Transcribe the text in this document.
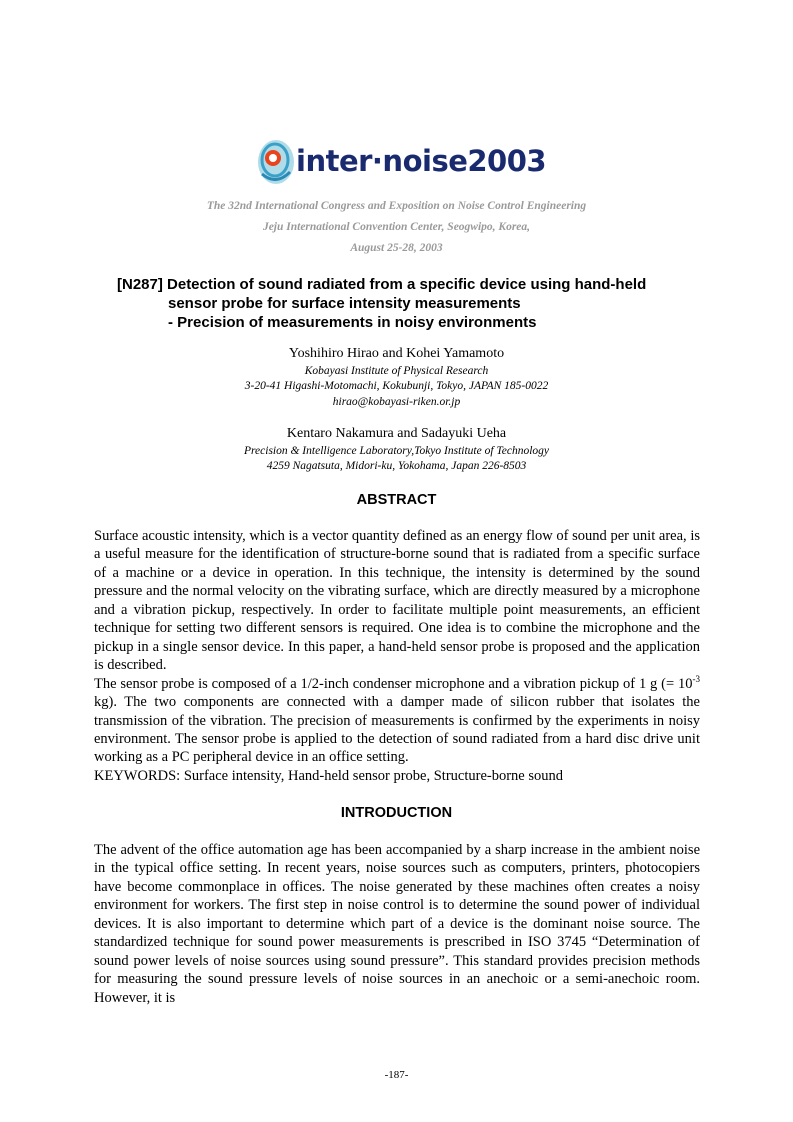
inter·noise2003
The 32nd International Congress and Exposition on Noise Control Engineering
Jeju International Convention Center, Seogwipo, Korea,
August 25-28, 2003
[N287] Detection of sound radiated from a specific device using hand-held
sensor probe for surface intensity measurements
- Precision of measurements in noisy environments
Yoshihiro Hirao and Kohei Yamamoto
Kobayasi Institute of Physical Research
3-20-41 Higashi-Motomachi, Kokubunji, Tokyo, JAPAN 185-0022
hirao@kobayasi-riken.or.jp
Kentaro Nakamura and Sadayuki Ueha
Precision & Intelligence Laboratory,Tokyo Institute of Technology
4259 Nagatsuta, Midori-ku, Yokohama, Japan 226-8503
ABSTRACT

Surface acoustic intensity, which is a vector quantity defined as an energy flow of sound per unit area, is a useful measure for the identification of structure-borne sound that is radiated from a specific surface of a machine or a device in operation. In this technique, the intensity is determined by the sound pressure and the normal velocity on the vibrating surface, which are directly measured by a microphone and a vibration pickup, respectively. In order to facilitate multiple point measurements, an efficient technique for setting two different sensors is required. One idea is to combine the microphone and the pickup in a single sensor device. In this paper, a hand-held sensor probe is proposed and the application is described.

The sensor probe is composed of a 1/2-inch condenser microphone and a vibration pickup of 1 g (= $10^{-3}$ kg). The two components are connected with a damper made of silicon rubber that isolates the transmission of the vibration. The precision of measurements is confirmed by the experiments in noisy environment. The sensor probe is applied to the detection of sound radiated from a hard disc drive unit working as a PC peripheral device in an office setting.

KEYWORDS: Surface intensity, Hand-held sensor probe, Structure-borne sound

INTRODUCTION

The advent of the office automation age has been accompanied by a sharp increase in the ambient noise in the typical office setting. In recent years, noise sources such as computers, printers, photocopiers have become commonplace in offices. The noise generated by these machines often creates a noisy environment for workers. The first step in noise control is to determine the sound power of individual devices. It is also important to determine which part of a device is the dominant noise source. The standardized technique for sound power measurements is prescribed in ISO 3745 “Determination of sound power levels of noise sources using sound pressure”. This standard provides precision methods for measuring the sound pressure levels of noise sources in an anechoic or a semi-anechoic room. However, it is

-187-
